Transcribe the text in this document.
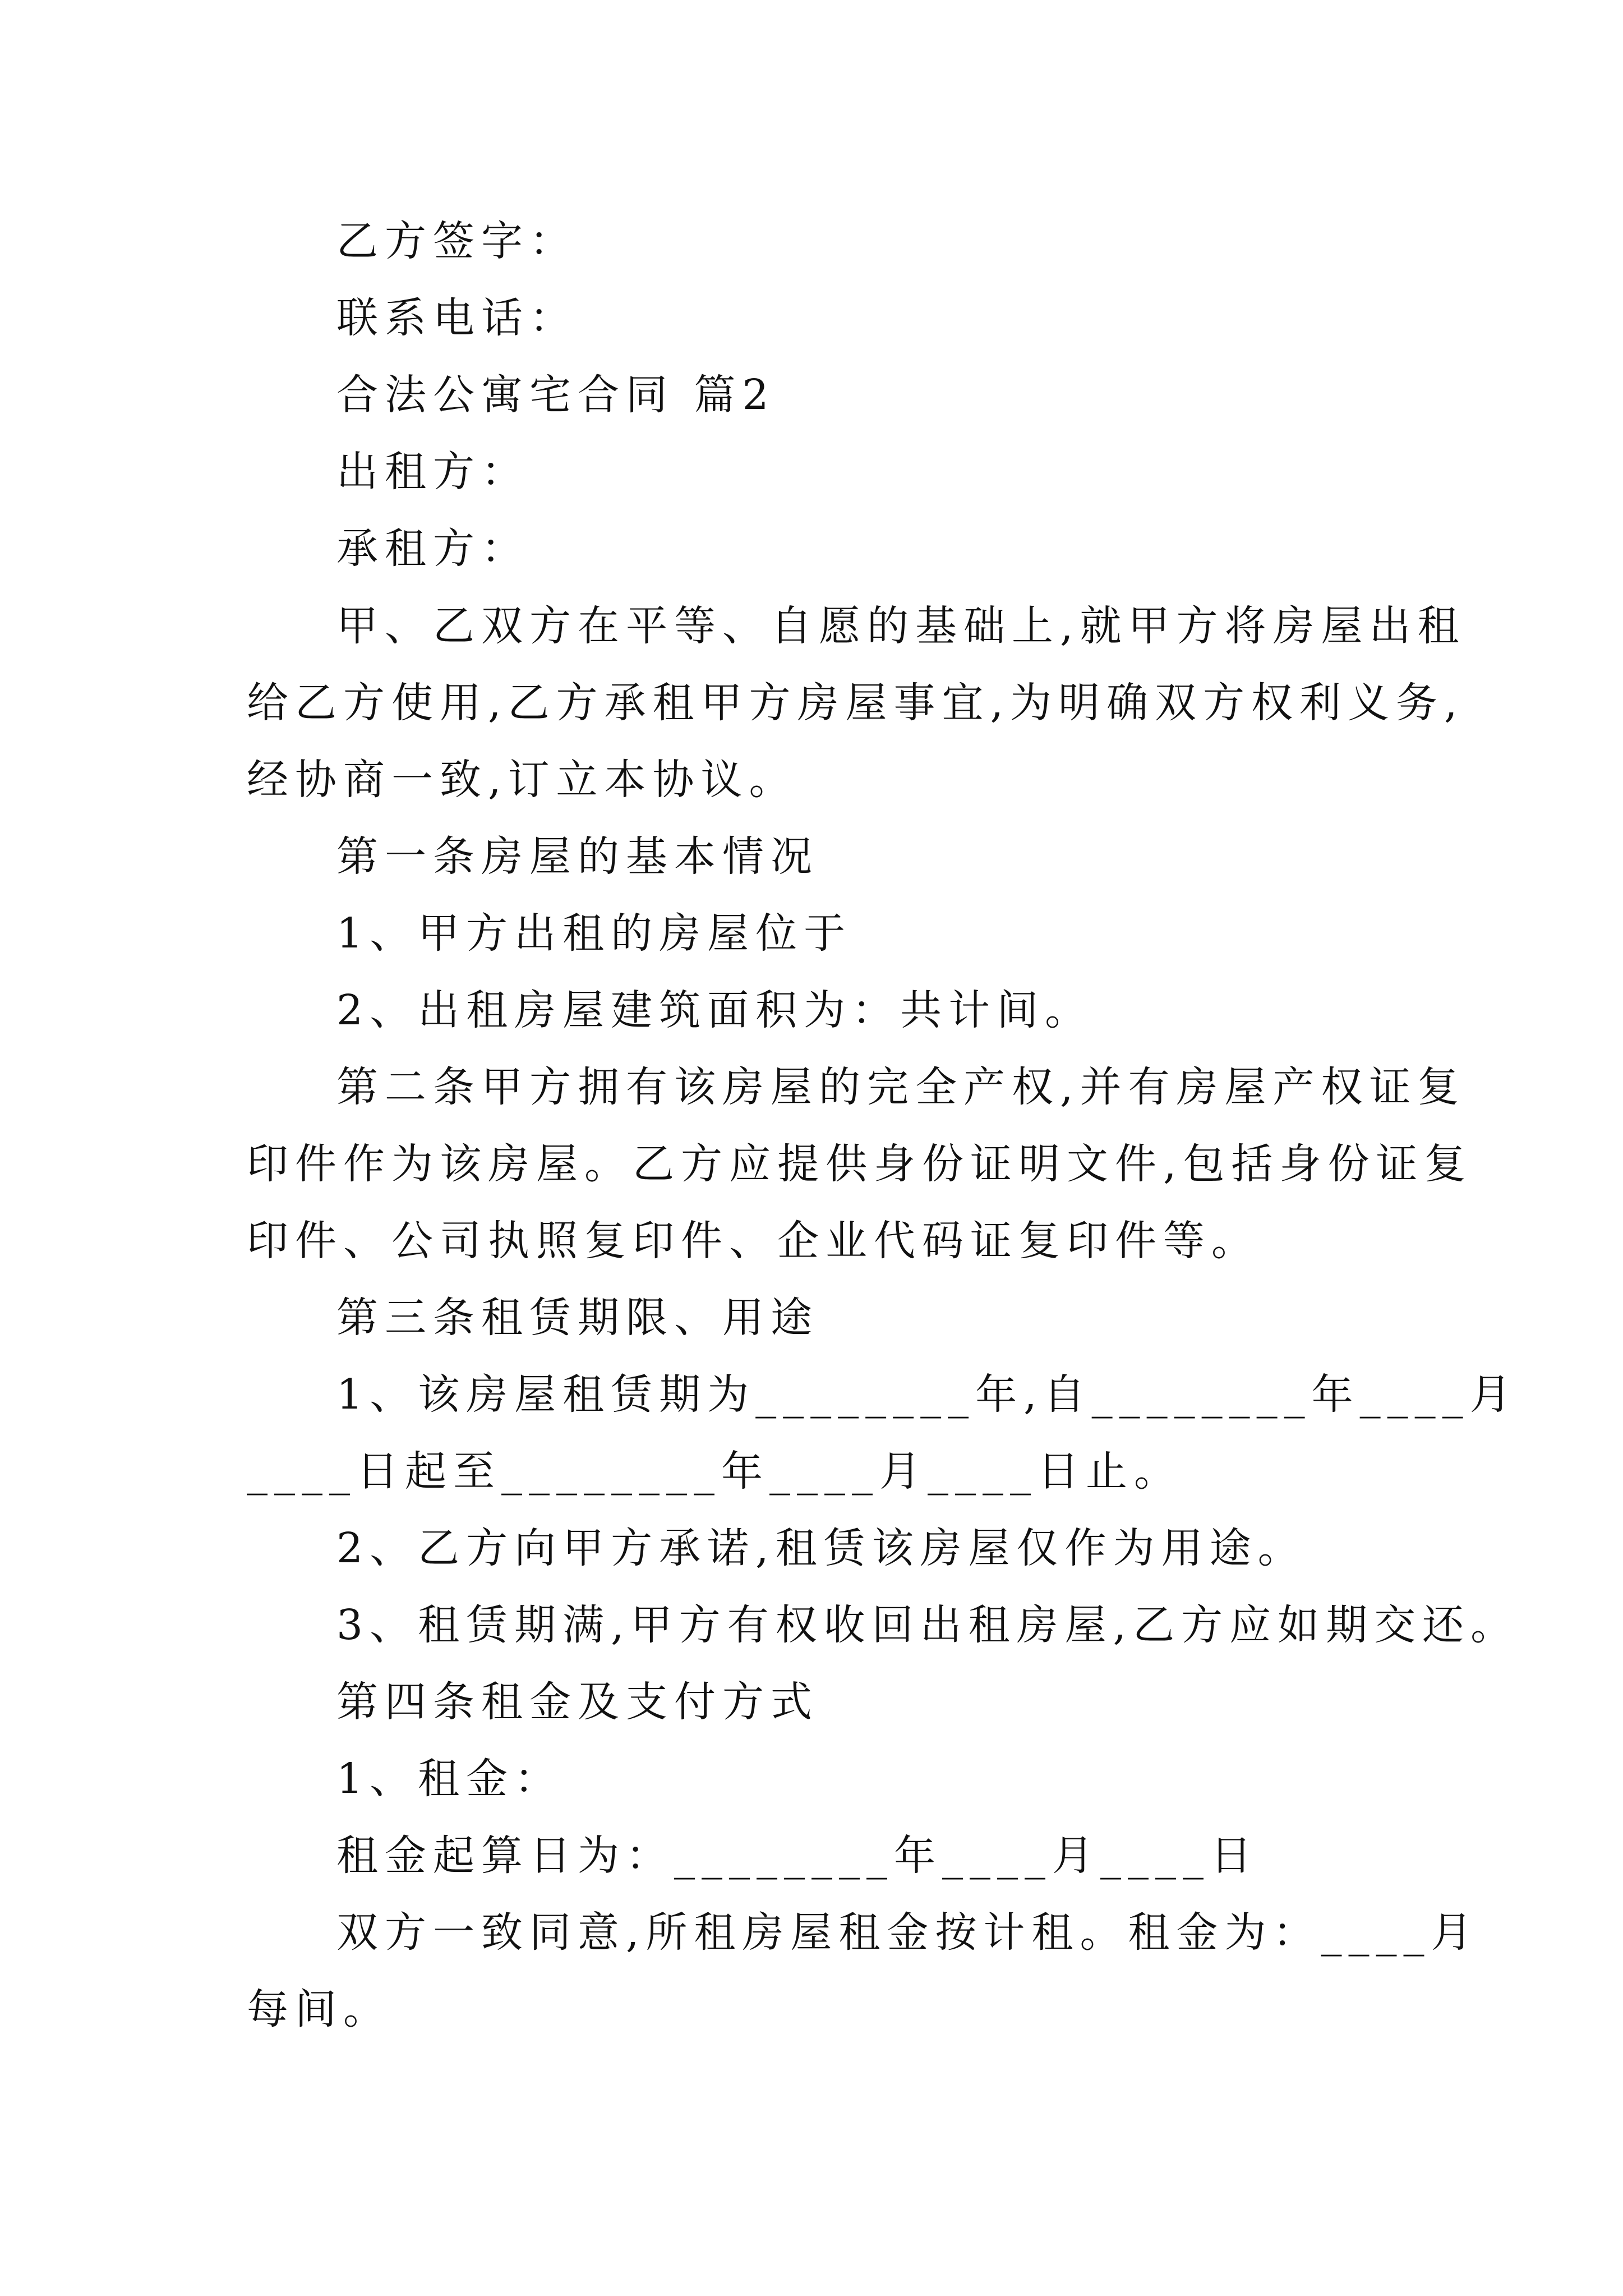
乙方签字：
联系电话：
合法公寓宅合同 篇2
出租方：
承租方：
甲、乙双方在平等、自愿的基础上,就甲方将房屋出租
给乙方使用,乙方承租甲方房屋事宜,为明确双方权利义务,
经协商一致,订立本协议。
第一条房屋的基本情况
1、甲方出租的房屋位于
2、出租房屋建筑面积为：共计间。
第二条甲方拥有该房屋的完全产权,并有房屋产权证复
印件作为该房屋。乙方应提供身份证明文件,包括身份证复
印件、公司执照复印件、企业代码证复印件等。
第三条租赁期限、用途
1、该房屋租赁期为________年,自________年____月
____日起至________年____月____日止。
2、乙方向甲方承诺,租赁该房屋仅作为用途。
3、租赁期满,甲方有权收回出租房屋,乙方应如期交还。
第四条租金及支付方式
1、租金：
租金起算日为：________年____月____日
双方一致同意,所租房屋租金按计租。租金为：____月
每间。
